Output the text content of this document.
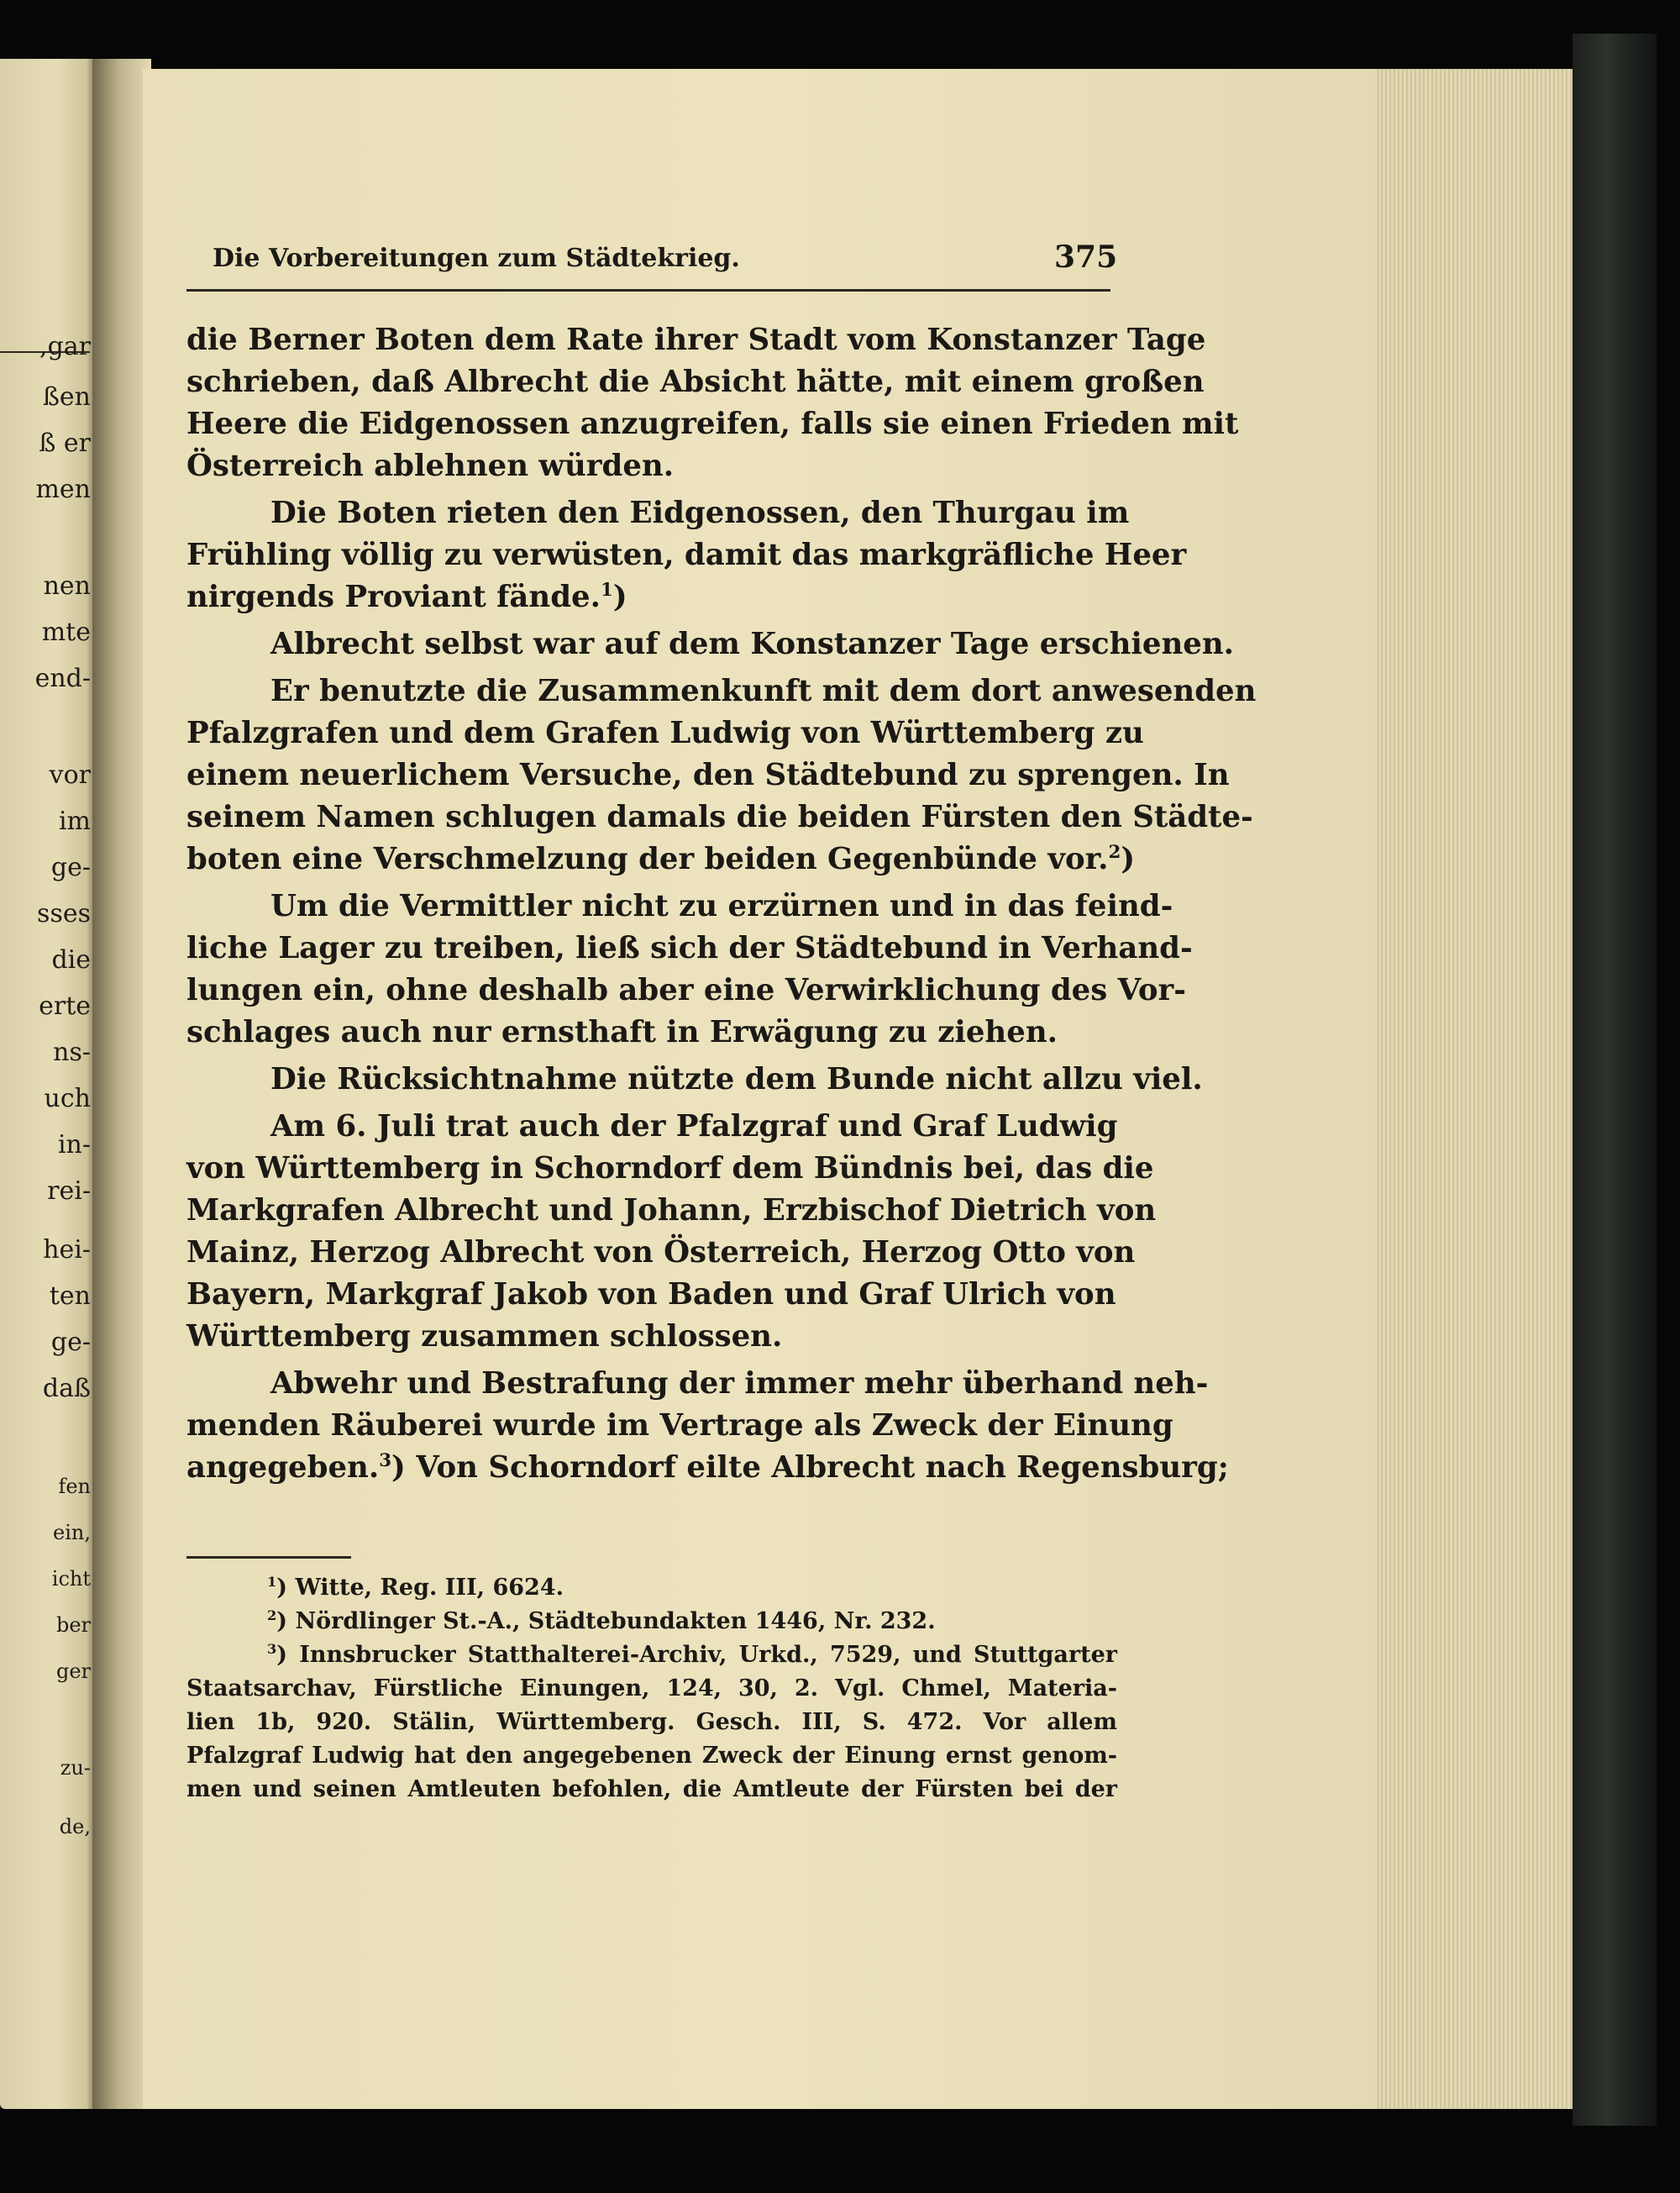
,gar
ßen
ß er
men
nen
mte
end-
vor
im
ge-
sses
die
erte
ns-
uch
in-
rei-
hei-
ten
ge-
daß
fen
ein,
icht
ber
ger
zu-
de,
Die Vorbereitungen zum Städtekrieg.	375
die Berner Boten dem Rate ihrer Stadt vom Konstanzer Tage
schrieben, daß Albrecht die Absicht hätte, mit einem großen
Heere die Eidgenossen anzugreifen, falls sie einen Frieden mit
Österreich ablehnen würden.
Die Boten rieten den Eidgenossen, den Thurgau im
Frühling völlig zu verwüsten, damit das markgräfliche Heer
nirgends Proviant fände.$^1$)
Albrecht selbst war auf dem Konstanzer Tage erschienen.
Er benutzte die Zusammenkunft mit dem dort anwesenden
Pfalzgrafen und dem Grafen Ludwig von Württemberg zu
einem neuerlichem Versuche, den Städtebund zu sprengen. In
seinem Namen schlugen damals die beiden Fürsten den Städte-
boten eine Verschmelzung der beiden Gegenbünde vor.$^2$)
Um die Vermittler nicht zu erzürnen und in das feind-
liche Lager zu treiben, ließ sich der Städtebund in Verhand-
lungen ein, ohne deshalb aber eine Verwirklichung des Vor-
schlages auch nur ernsthaft in Erwägung zu ziehen.
Die Rücksichtnahme nützte dem Bunde nicht allzu viel.
Am 6. Juli trat auch der Pfalzgraf und Graf Ludwig
von Württemberg in Schorndorf dem Bündnis bei, das die
Markgrafen Albrecht und Johann, Erzbischof Dietrich von
Mainz, Herzog Albrecht von Österreich, Herzog Otto von
Bayern, Markgraf Jakob von Baden und Graf Ulrich von
Württemberg zusammen schlossen.
Abwehr und Bestrafung der immer mehr überhand neh-
menden Räuberei wurde im Vertrage als Zweck der Einung
angegeben.$^3$) Von Schorndorf eilte Albrecht nach Regensburg;
$^1$) Witte, Reg. III, 6624.
$^2$) Nördlinger St.-A., Städtebundakten 1446, Nr. 232.
$^3$) Innsbrucker Statthalterei-Archiv, Urkd., 7529, und Stuttgarter
Staatsarchav, Fürstliche Einungen, 124, 30, 2. Vgl. Chmel, Materia-
lien 1b, 920. Stälin, Württemberg. Gesch. III, S. 472. Vor allem
Pfalzgraf Ludwig hat den angegebenen Zweck der Einung ernst genom-
men und seinen Amtleuten befohlen, die Amtleute der Fürsten bei der
